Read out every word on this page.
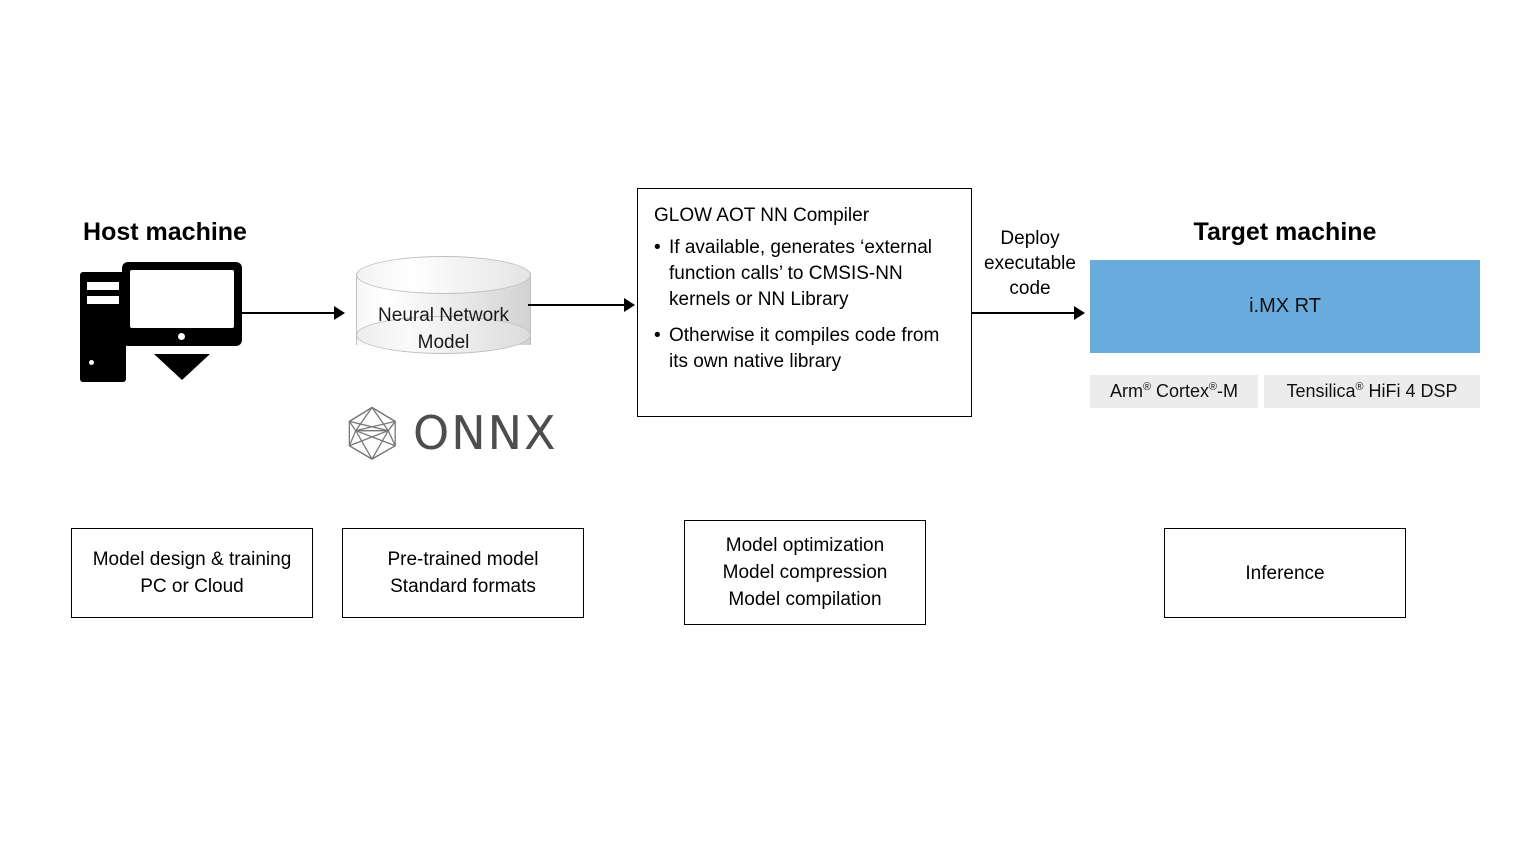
Host machine
Neural Network
Model
ONNX
GLOW AOT NN Compiler
• If available, generates ‘external function calls’ to CMSIS-NN kernels or NN Library
• Otherwise it compiles code from its own native library
Deploy
executable
code
Target machine
i.MX RT
Arm® Cortex®-M	Tensilica® HiFi 4 DSP
Model design & training
PC or Cloud
Pre-trained model
Standard formats
Model optimization
Model compression
Model compilation
Inference
